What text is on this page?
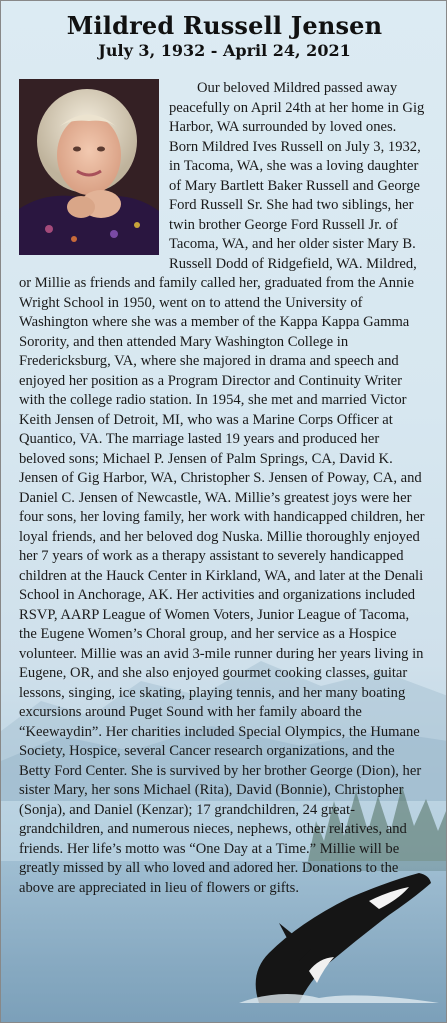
Mildred Russell Jensen
July 3, 1932 - April 24, 2021

Our beloved Mildred passed away peacefully on April 24th at her home in Gig Harbor, WA surrounded by loved ones. Born Mildred Ives Russell on July 3, 1932, in Tacoma, WA, she was a loving daughter of Mary Bartlett Baker Russell and George Ford Russell Sr. She had two siblings, her twin brother George Ford Russell Jr. of Tacoma, WA, and her older sister Mary B. Russell Dodd of Ridgefield, WA. Mildred, or Millie as friends and family called her, graduated from the Annie Wright School in 1950, went on to attend the University of Washington where she was a member of the Kappa Kappa Gamma Sorority, and then attended Mary Washington College in Fredericksburg, VA, where she majored in drama and speech and enjoyed her position as a Program Director and Continuity Writer with the college radio station. In 1954, she met and married Victor Keith Jensen of Detroit, MI, who was a Marine Corps Officer at Quantico, VA. The marriage lasted 19 years and produced her beloved sons; Michael P. Jensen of Palm Springs, CA, David K. Jensen of Gig Harbor, WA, Christopher S. Jensen of Poway, CA, and Daniel C. Jensen of Newcastle, WA. Millie’s greatest joys were her four sons, her loving family, her work with handicapped children, her loyal friends, and her beloved dog Nuska. Millie thoroughly enjoyed her 7 years of work as a therapy assistant to severely handicapped children at the Hauck Center in Kirkland, WA, and later at the Denali School in Anchorage, AK. Her activities and organizations included RSVP, AARP League of Women Voters, Junior League of Tacoma, the Eugene Women’s Choral group, and her service as a Hospice volunteer. Millie was an avid 3-mile runner during her years living in Eugene, OR, and she also enjoyed gourmet cooking classes, guitar lessons, singing, ice skating, playing tennis, and her many boating excursions around Puget Sound with her family aboard the “Keewaydin”. Her charities included Special Olympics, the Humane Society, Hospice, several Cancer research organizations, and the Betty Ford Center. She is survived by her brother George (Dion), her sister Mary, her sons Michael (Rita), David (Bonnie), Christopher (Sonja), and Daniel (Kenzar); 17 grandchildren, 24 great-grandchildren, and numerous nieces, nephews, other relatives, and friends. Her life’s motto was “One Day at a Time.” Millie will be greatly missed by all who loved and adored her. Donations to the above are appreciated in lieu of flowers or gifts.
